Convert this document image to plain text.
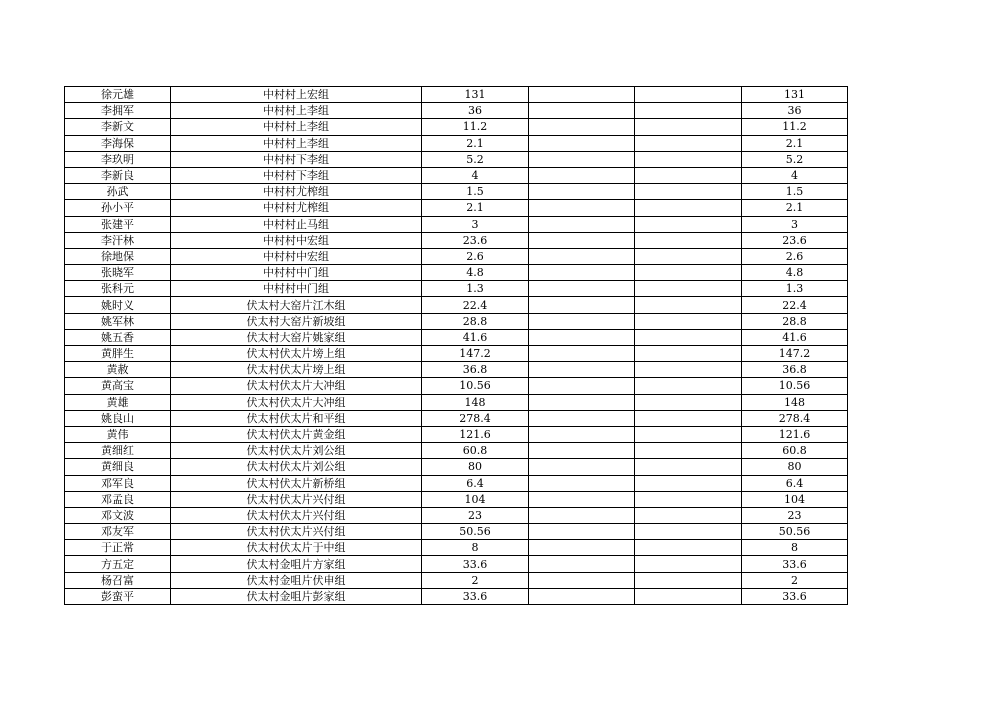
徐元雄	中村村上宏组	131			131
李拥军	中村村上李组	36			36
李新文	中村村上李组	11.2			11.2
李海保	中村村上李组	2.1			2.1
李玖明	中村村下李组	5.2			5.2
李新良	中村村下李组	4			4
孙武	中村村尤榨组	1.5			1.5
孙小平	中村村尤榨组	2.1			2.1
张建平	中村村止马组	3			3
李汗林	中村村中宏组	23.6			23.6
徐地保	中村村中宏组	2.6			2.6
张晓军	中村村中门组	4.8			4.8
张科元	中村村中门组	1.3			1.3
姚时义	伏太村大窑片江木组	22.4			22.4
姚军林	伏太村大窑片新坡组	28.8			28.8
姚五香	伏太村大窑片姚家组	41.6			41.6
黄胖生	伏太村伏太片塝上组	147.2			147.2
黄赦	伏太村伏太片塝上组	36.8			36.8
黄高宝	伏太村伏太片大冲组	10.56			10.56
黄雄	伏太村伏太片大冲组	148			148
姚良山	伏太村伏太片和平组	278.4			278.4
黄伟	伏太村伏太片黄金组	121.6			121.6
黄细红	伏太村伏太片刘公组	60.8			60.8
黄细良	伏太村伏太片刘公组	80			80
邓军良	伏太村伏太片新桥组	6.4			6.4
邓孟良	伏太村伏太片兴付组	104			104
邓文波	伏太村伏太片兴付组	23			23
邓友军	伏太村伏太片兴付组	50.56			50.56
于正常	伏太村伏太片于中组	8			8
方五定	伏太村金咀片方家组	33.6			33.6
杨召富	伏太村金咀片伏申组	2			2
彭蛮平	伏太村金咀片彭家组	33.6			33.6
